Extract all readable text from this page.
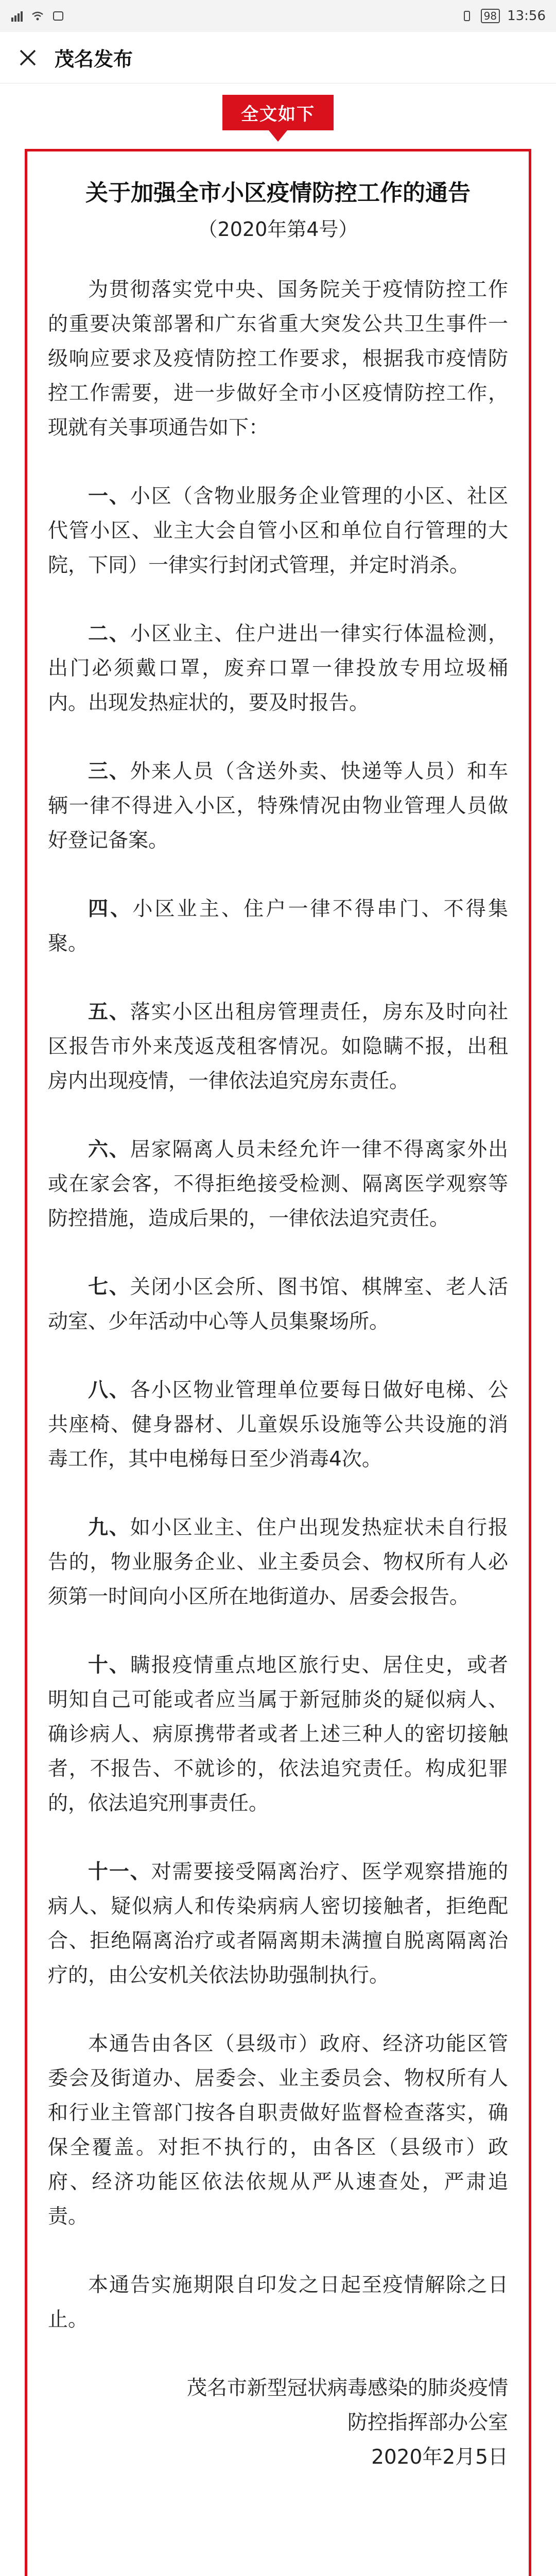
98 13:56
茂名发布
全文如下
关于加强全市小区疫情防控工作的通告
（2020年第4号）

为贯彻落实党中央、国务院关于疫情防控工作的重要决策部署和广东省重大突发公共卫生事件一级响应要求及疫情防控工作要求，根据我市疫情防控工作需要，进一步做好全市小区疫情防控工作，现就有关事项通告如下：

一、小区（含物业服务企业管理的小区、社区代管小区、业主大会自管小区和单位自行管理的大院，下同）一律实行封闭式管理，并定时消杀。

二、小区业主、住户进出一律实行体温检测，出门必须戴口罩，废弃口罩一律投放专用垃圾桶内。出现发热症状的，要及时报告。

三、外来人员（含送外卖、快递等人员）和车辆一律不得进入小区，特殊情况由物业管理人员做好登记备案。

四、小区业主、住户一律不得串门、不得集聚。

五、落实小区出租房管理责任，房东及时向社区报告市外来茂返茂租客情况。如隐瞒不报，出租房内出现疫情，一律依法追究房东责任。

六、居家隔离人员未经允许一律不得离家外出或在家会客，不得拒绝接受检测、隔离医学观察等防控措施，造成后果的，一律依法追究责任。

七、关闭小区会所、图书馆、棋牌室、老人活动室、少年活动中心等人员集聚场所。

八、各小区物业管理单位要每日做好电梯、公共座椅、健身器材、儿童娱乐设施等公共设施的消毒工作，其中电梯每日至少消毒4次。

九、如小区业主、住户出现发热症状未自行报告的，物业服务企业、业主委员会、物权所有人必须第一时间向小区所在地街道办、居委会报告。

十、瞒报疫情重点地区旅行史、居住史，或者明知自己可能或者应当属于新冠肺炎的疑似病人、确诊病人、病原携带者或者上述三种人的密切接触者，不报告、不就诊的，依法追究责任。构成犯罪的，依法追究刑事责任。

十一、对需要接受隔离治疗、医学观察措施的病人、疑似病人和传染病病人密切接触者，拒绝配合、拒绝隔离治疗或者隔离期未满擅自脱离隔离治疗的，由公安机关依法协助强制执行。

本通告由各区（县级市）政府、经济功能区管委会及街道办、居委会、业主委员会、物权所有人和行业主管部门按各自职责做好监督检查落实，确保全覆盖。对拒不执行的，由各区（县级市）政府、经济功能区依法依规从严从速查处，严肃追责。

本通告实施期限自印发之日起至疫情解除之日止。

茂名市新型冠状病毒感染的肺炎疫情

防控指挥部办公室

2020年2月5日
